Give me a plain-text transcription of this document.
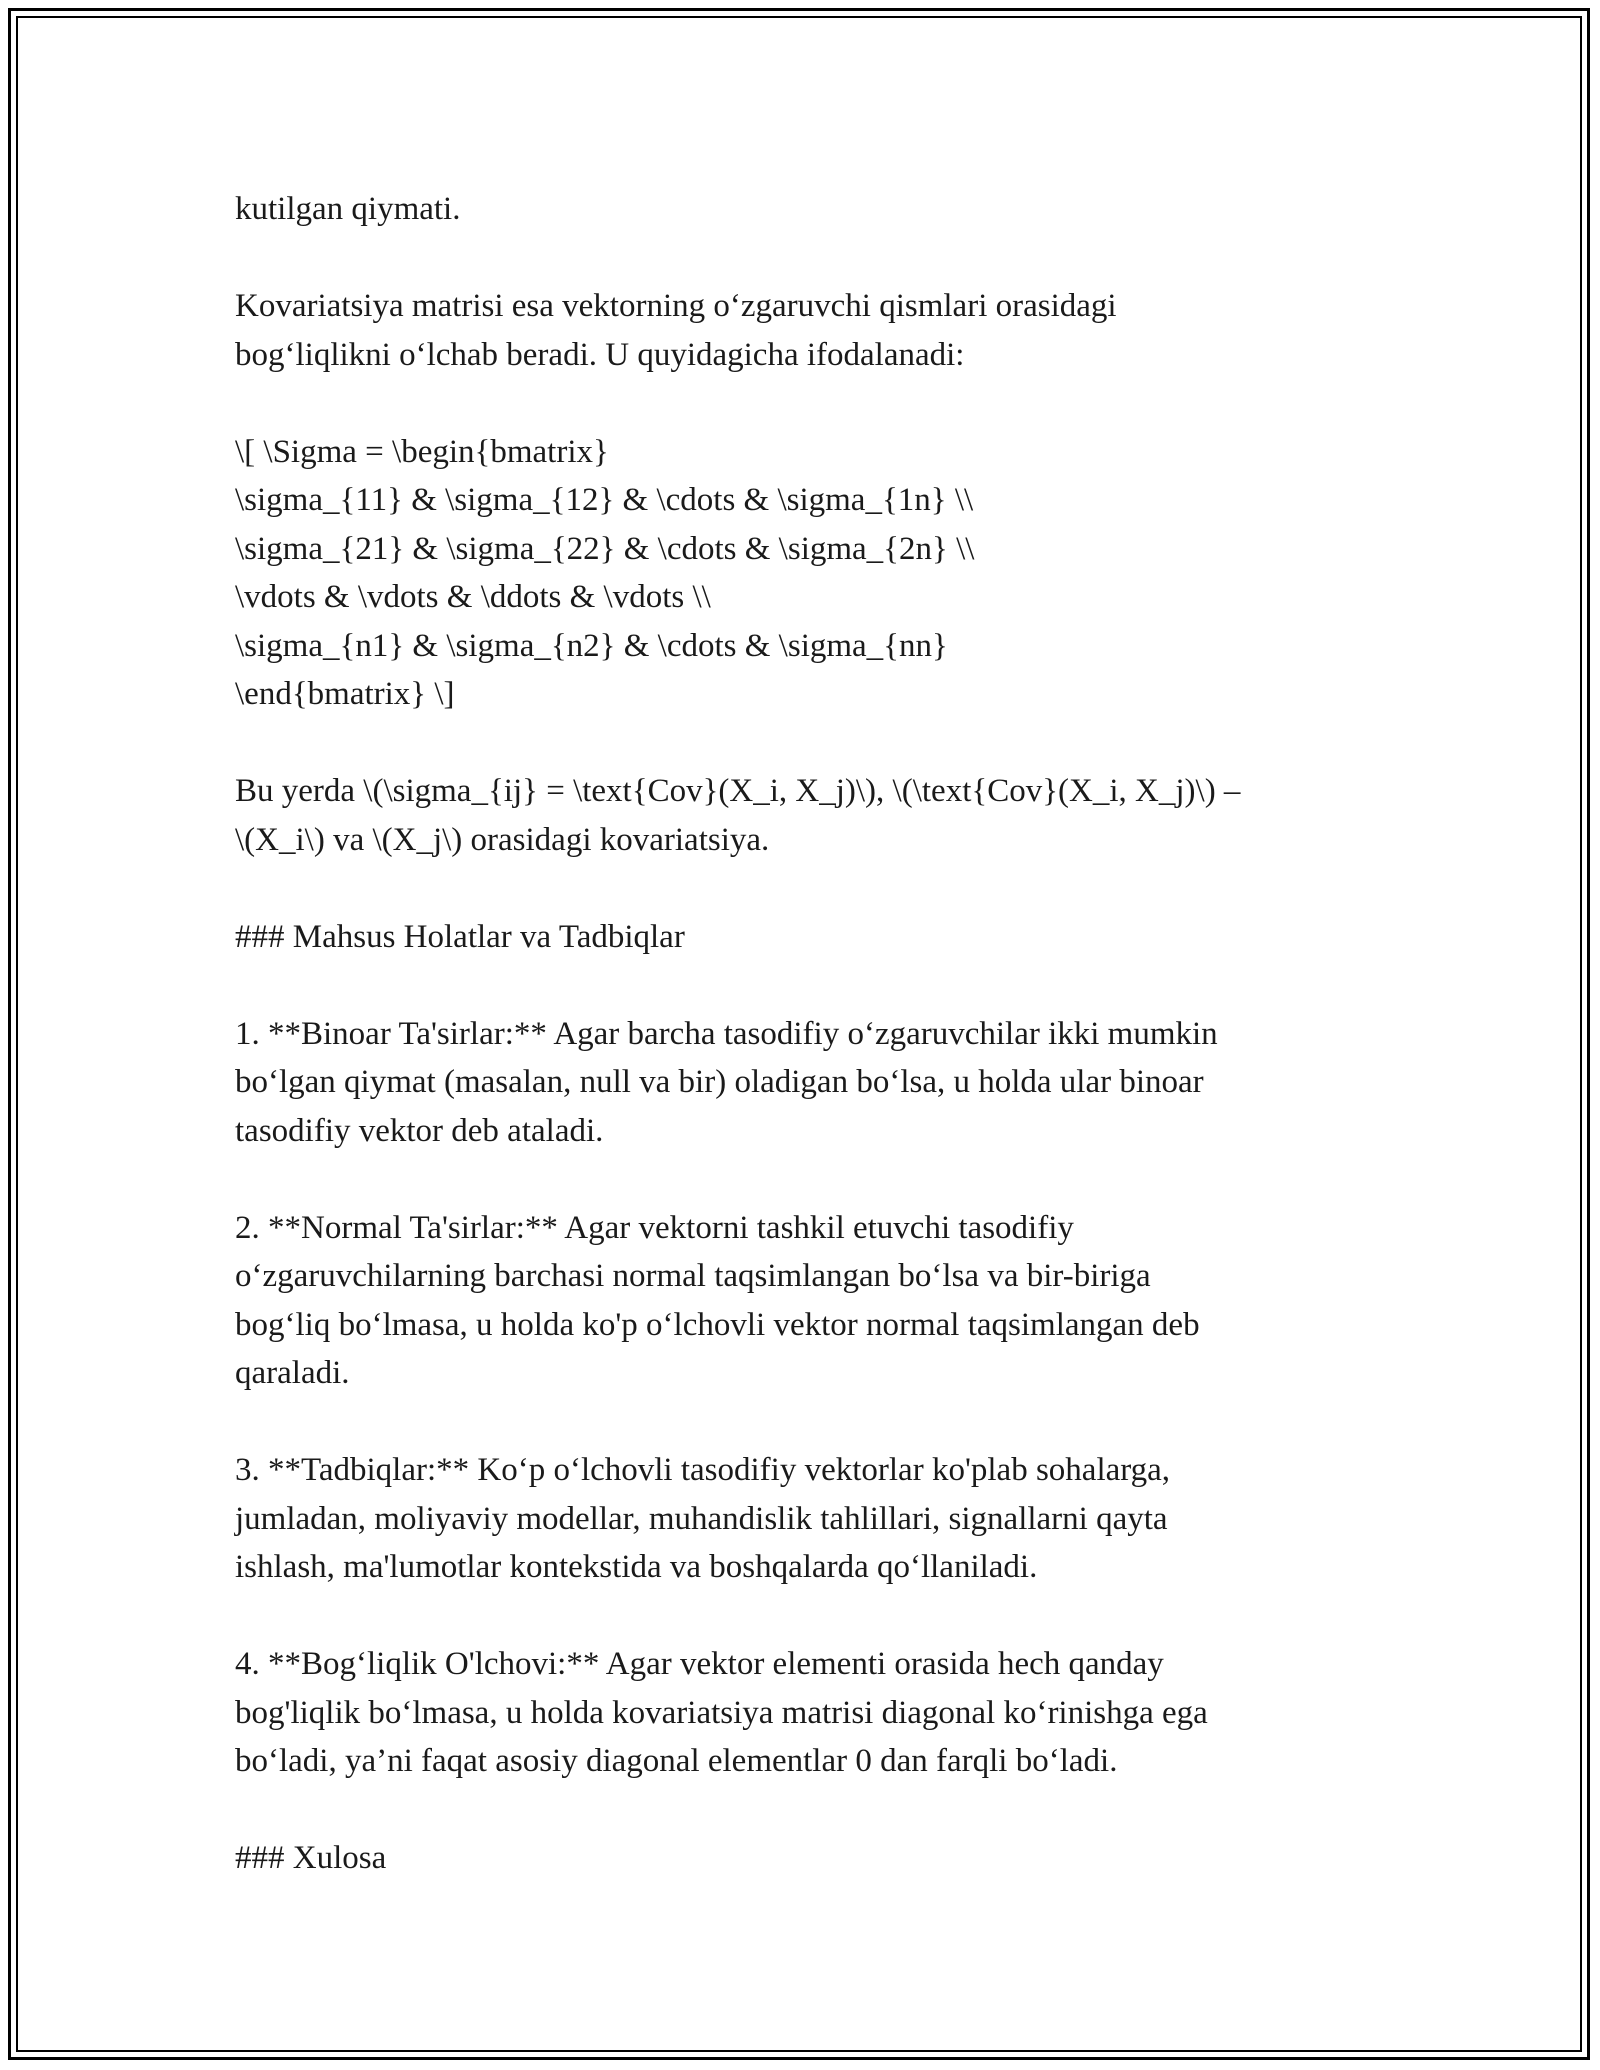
kutilgan qiymati.
Kovariatsiya matrisi esa vektorning o‘zgaruvchi qismlari orasidagi
bog‘liqlikni o‘lchab beradi. U quyidagicha ifodalanadi:
\[ \Sigma = \begin{bmatrix}
\sigma_{11} & \sigma_{12} & \cdots & \sigma_{1n} \\
\sigma_{21} & \sigma_{22} & \cdots & \sigma_{2n} \\
\vdots & \vdots & \ddots & \vdots \\
\sigma_{n1} & \sigma_{n2} & \cdots & \sigma_{nn}
\end{bmatrix} \]
Bu yerda \(\sigma_{ij} = \text{Cov}(X_i, X_j)\), \(\text{Cov}(X_i, X_j)\) –
\(X_i\) va \(X_j\) orasidagi kovariatsiya.
### Mahsus Holatlar va Tadbiqlar
1. **Binoar Ta'sirlar:** Agar barcha tasodifiy o‘zgaruvchilar ikki mumkin
bo‘lgan qiymat (masalan, null va bir) oladigan bo‘lsa, u holda ular binoar
tasodifiy vektor deb ataladi.
2. **Normal Ta'sirlar:** Agar vektorni tashkil etuvchi tasodifiy
o‘zgaruvchilarning barchasi normal taqsimlangan bo‘lsa va bir-biriga
bog‘liq bo‘lmasa, u holda ko'p o‘lchovli vektor normal taqsimlangan deb
qaraladi.
3. **Tadbiqlar:** Ko‘p o‘lchovli tasodifiy vektorlar ko'plab sohalarga,
jumladan, moliyaviy modellar, muhandislik tahlillari, signallarni qayta
ishlash, ma'lumotlar kontekstida va boshqalarda qo‘llaniladi.
4. **Bog‘liqlik O'lchovi:** Agar vektor elementi orasida hech qanday
bog'liqlik bo‘lmasa, u holda kovariatsiya matrisi diagonal ko‘rinishga ega
bo‘ladi, ya’ni faqat asosiy diagonal elementlar 0 dan farqli bo‘ladi.
### Xulosa
